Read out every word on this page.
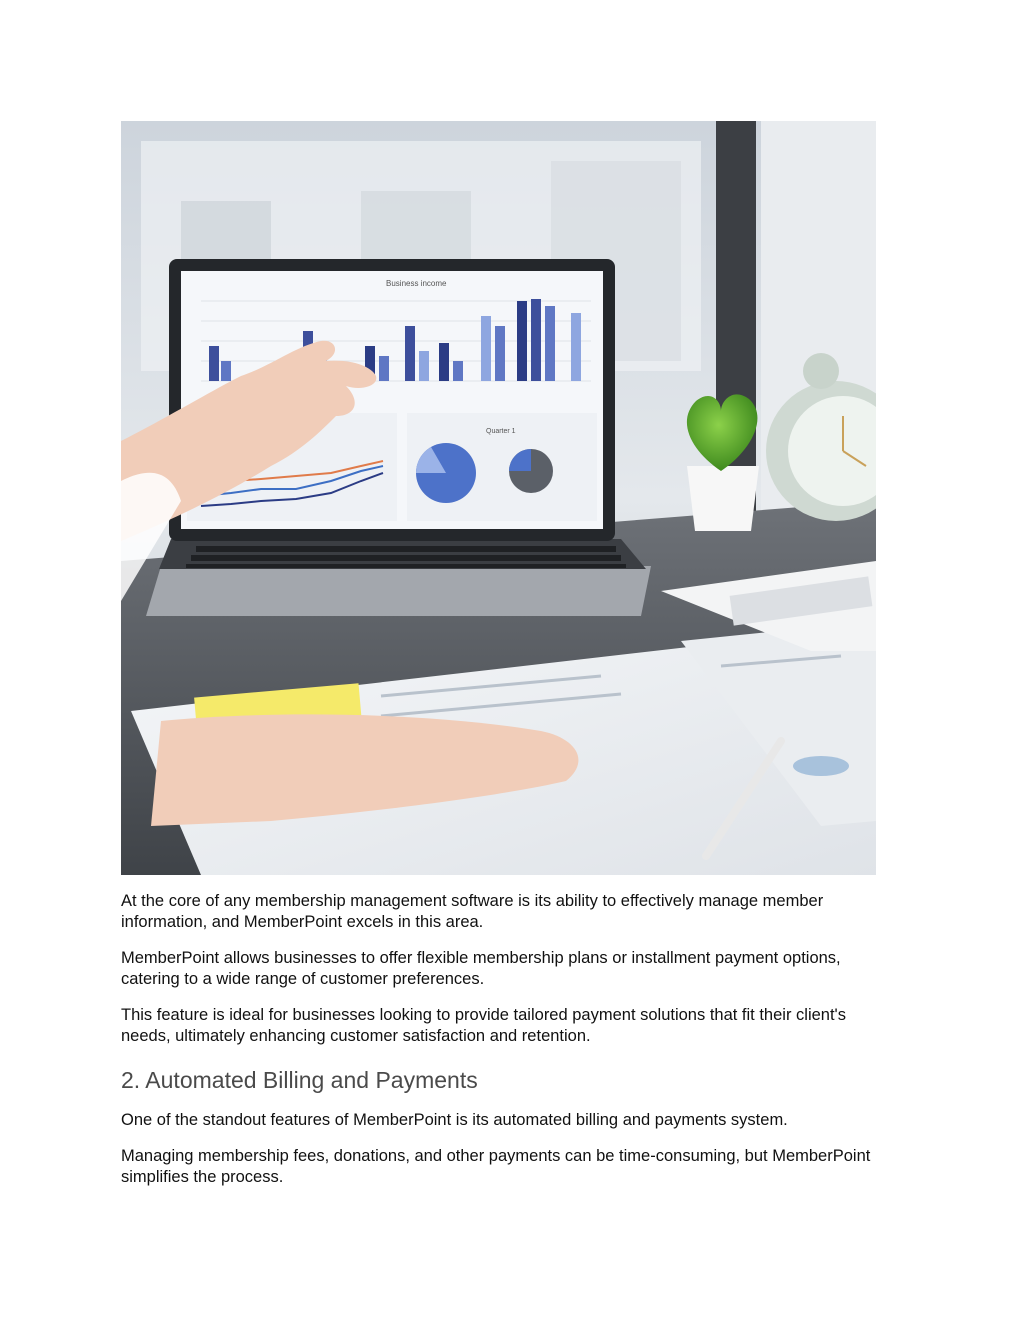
Business income
Quarter 1

At the core of any membership management software is its ability to effectively manage member information, and MemberPoint excels in this area.

MemberPoint allows businesses to offer flexible membership plans or installment payment options, catering to a wide range of customer preferences.

This feature is ideal for businesses looking to provide tailored payment solutions that fit their client's needs, ultimately enhancing customer satisfaction and retention.

2. Automated Billing and Payments

One of the standout features of MemberPoint is its automated billing and payments system.

Managing membership fees, donations, and other payments can be time-consuming, but MemberPoint simplifies the process.
